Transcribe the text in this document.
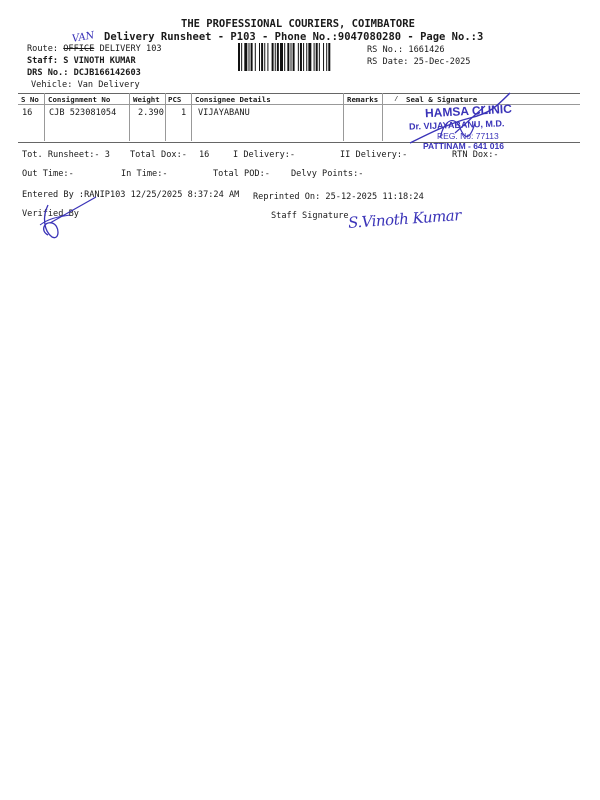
THE PROFESSIONAL COURIERS, COIMBATORE
Delivery Runsheet - P103 - Phone No.:9047080280 - Page No.:3
Route: OFFICE DELIVERY 103
VAN
Staff: S VINOTH KUMAR
DRS No.: DCJB166142603
Vehicle: Van Delivery
RS No.: 1661426
RS Date: 25-Dec-2025
S No Consignment No	Weight PCS Consignee Details	Remarks ⁄ Seal & Signature
16 CJB 523081054	2.390 1 VIJAYABANU	HAMSA CLINIC
Dr. VIJAYABANU, M.D.
REG. No: 77113
PATTINAM - 641 016
Tot. Runsheet:- 3 Total Dox:- 16	I Delivery:-	II Delivery:-	RTN Dox:-
Out Time:-	In Time:-	Total POD:- Delvy Points:-
Entered By :RANIP103 12/25/2025 8:37:24 AM Reprinted On: 25-12-2025 11:18:24
Verified By	Staff Signature
S.Vinoth Kumar
